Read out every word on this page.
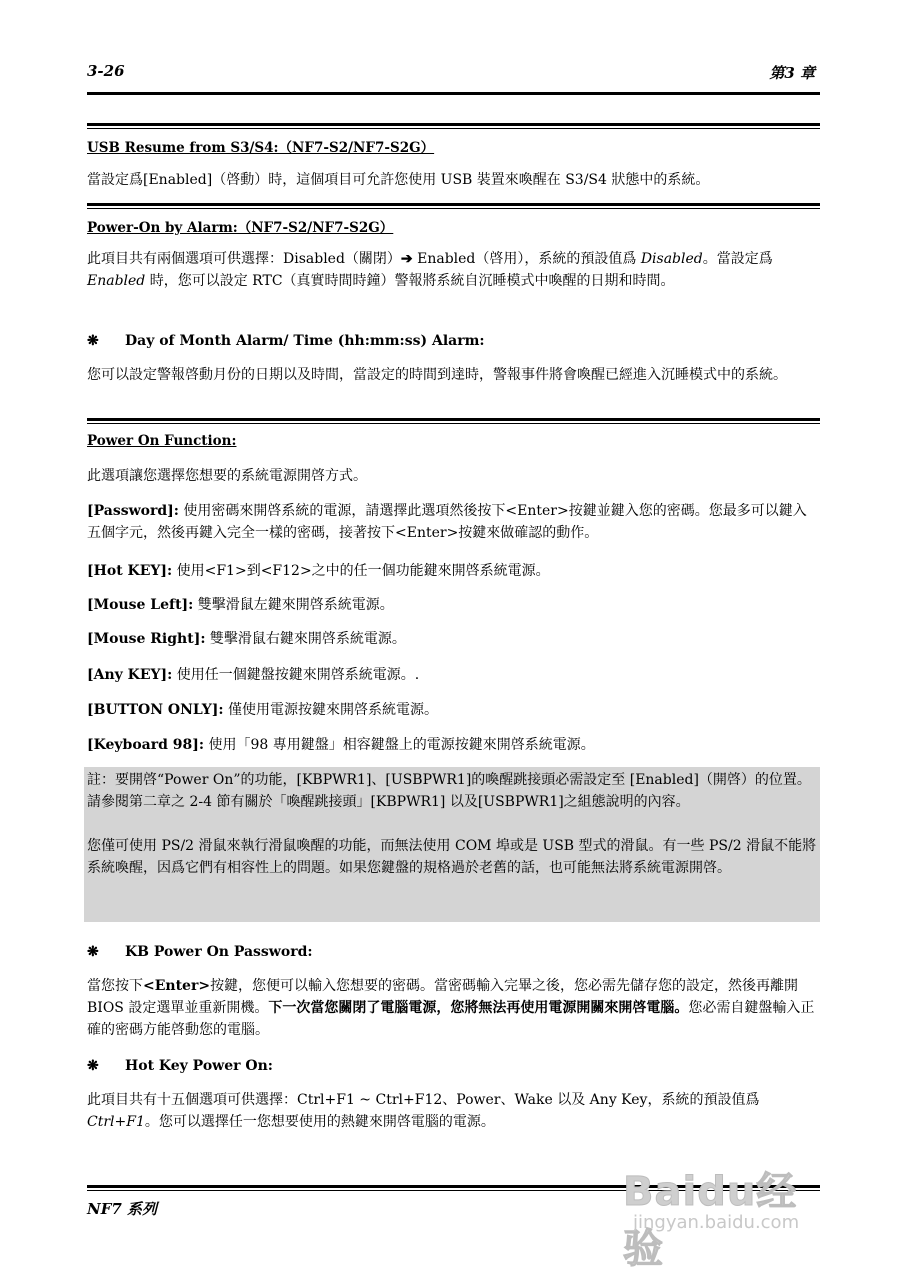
3-26	第3 章
USB Resume from S3/S4:（NF7-S2/NF7-S2G）
當設定爲[Enabled]（啓動）時，這個項目可允許您使用 USB 裝置來喚醒在 S3/S4 狀態中的系統。
Power-On by Alarm:（NF7-S2/NF7-S2G）
此項目共有兩個選項可供選擇：Disabled（關閉）➔ Enabled（啓用），系統的預設值爲 Disabled。當設定爲 Enabled 時，您可以設定 RTC（真實時間時鐘）警報將系統自沉睡模式中喚醒的日期和時間。
❋ Day of Month Alarm/ Time (hh:mm:ss) Alarm:
您可以設定警報啓動月份的日期以及時間，當設定的時間到達時，警報事件將會喚醒已經進入沉睡模式中的系統。
Power On Function:
此選項讓您選擇您想要的系統電源開啓方式。
[Password]: 使用密碼來開啓系統的電源，請選擇此選項然後按下<Enter>按鍵並鍵入您的密碼。您最多可以鍵入五個字元，然後再鍵入完全一樣的密碼，接著按下<Enter>按鍵來做確認的動作。
[Hot KEY]: 使用<F1>到<F12>之中的任一個功能鍵來開啓系統電源。
[Mouse Left]: 雙擊滑鼠左鍵來開啓系統電源。
[Mouse Right]: 雙擊滑鼠右鍵來開啓系統電源。
[Any KEY]: 使用任一個鍵盤按鍵來開啓系統電源。.
[BUTTON ONLY]: 僅使用電源按鍵來開啓系統電源。
[Keyboard 98]: 使用「98 專用鍵盤」相容鍵盤上的電源按鍵來開啓系統電源。
註：要開啓“Power On”的功能，[KBPWR1]、[USBPWR1]的喚醒跳接頭必需設定至 [Enabled]（開啓）的位置。請參閱第二章之 2-4 節有關於「喚醒跳接頭」[KBPWR1] 以及[USBPWR1]之組態說明的內容。
您僅可使用 PS/2 滑鼠來執行滑鼠喚醒的功能，而無法使用 COM 埠或是 USB 型式的滑鼠。有一些 PS/2 滑鼠不能將系統喚醒，因爲它們有相容性上的問題。如果您鍵盤的規格過於老舊的話，也可能無法將系統電源開啓。
❋ KB Power On Password:
當您按下<Enter>按鍵，您便可以輸入您想要的密碼。當密碼輸入完畢之後，您必需先儲存您的設定，然後再離開 BIOS 設定選單並重新開機。下一次當您關閉了電腦電源，您將無法再使用電源開關來開啓電腦。您必需自鍵盤輸入正確的密碼方能啓動您的電腦。
❋ Hot Key Power On:
此項目共有十五個選項可供選擇：Ctrl+F1 ~ Ctrl+F12、Power、Wake 以及 Any Key，系統的預設值爲 Ctrl+F1。您可以選擇任一您想要使用的熱鍵來開啓電腦的電源。
NF7 系列	Baidu经验
jingyan.baidu.com
